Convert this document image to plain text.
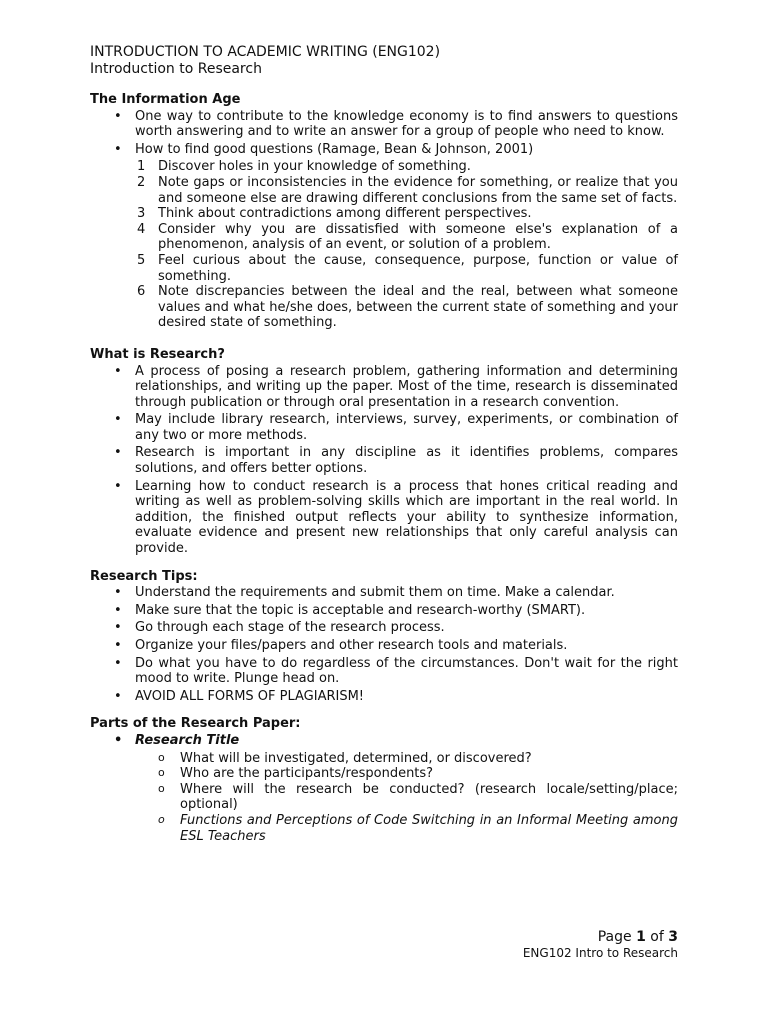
INTRODUCTION TO ACADEMIC WRITING (ENG102)
Introduction to Research
The Information Age
• One way to contribute to the knowledge economy is to find answers to questions worth answering and to write an answer for a group of people who need to know.
• How to find good questions (Ramage, Bean & Johnson, 2001)
1 Discover holes in your knowledge of something.
2 Note gaps or inconsistencies in the evidence for something, or realize that you and someone else are drawing different conclusions from the same set of facts.
3 Think about contradictions among different perspectives.
4 Consider why you are dissatisfied with someone else's explanation of a phenomenon, analysis of an event, or solution of a problem.
5 Feel curious about the cause, consequence, purpose, function or value of something.
6 Note discrepancies between the ideal and the real, between what someone values and what he/she does, between the current state of something and your desired state of something.
What is Research?
• A process of posing a research problem, gathering information and determining relationships, and writing up the paper. Most of the time, research is disseminated through publication or through oral presentation in a research convention.
• May include library research, interviews, survey, experiments, or combination of any two or more methods.
• Research is important in any discipline as it identifies problems, compares solutions, and offers better options.
• Learning how to conduct research is a process that hones critical reading and writing as well as problem-solving skills which are important in the real world. In addition, the finished output reflects your ability to synthesize information, evaluate evidence and present new relationships that only careful analysis can provide.
Research Tips:
• Understand the requirements and submit them on time. Make a calendar.
• Make sure that the topic is acceptable and research-worthy (SMART).
• Go through each stage of the research process.
• Organize your files/papers and other research tools and materials.
• Do what you have to do regardless of the circumstances. Don't wait for the right mood to write. Plunge head on.
• AVOID ALL FORMS OF PLAGIARISM!
Parts of the Research Paper:
• Research Title
o What will be investigated, determined, or discovered?
o Who are the participants/respondents?
o Where will the research be conducted? (research locale/setting/place; optional)
o Functions and Perceptions of Code Switching in an Informal Meeting among ESL Teachers
Page 1 of 3
ENG102 Intro to Research
